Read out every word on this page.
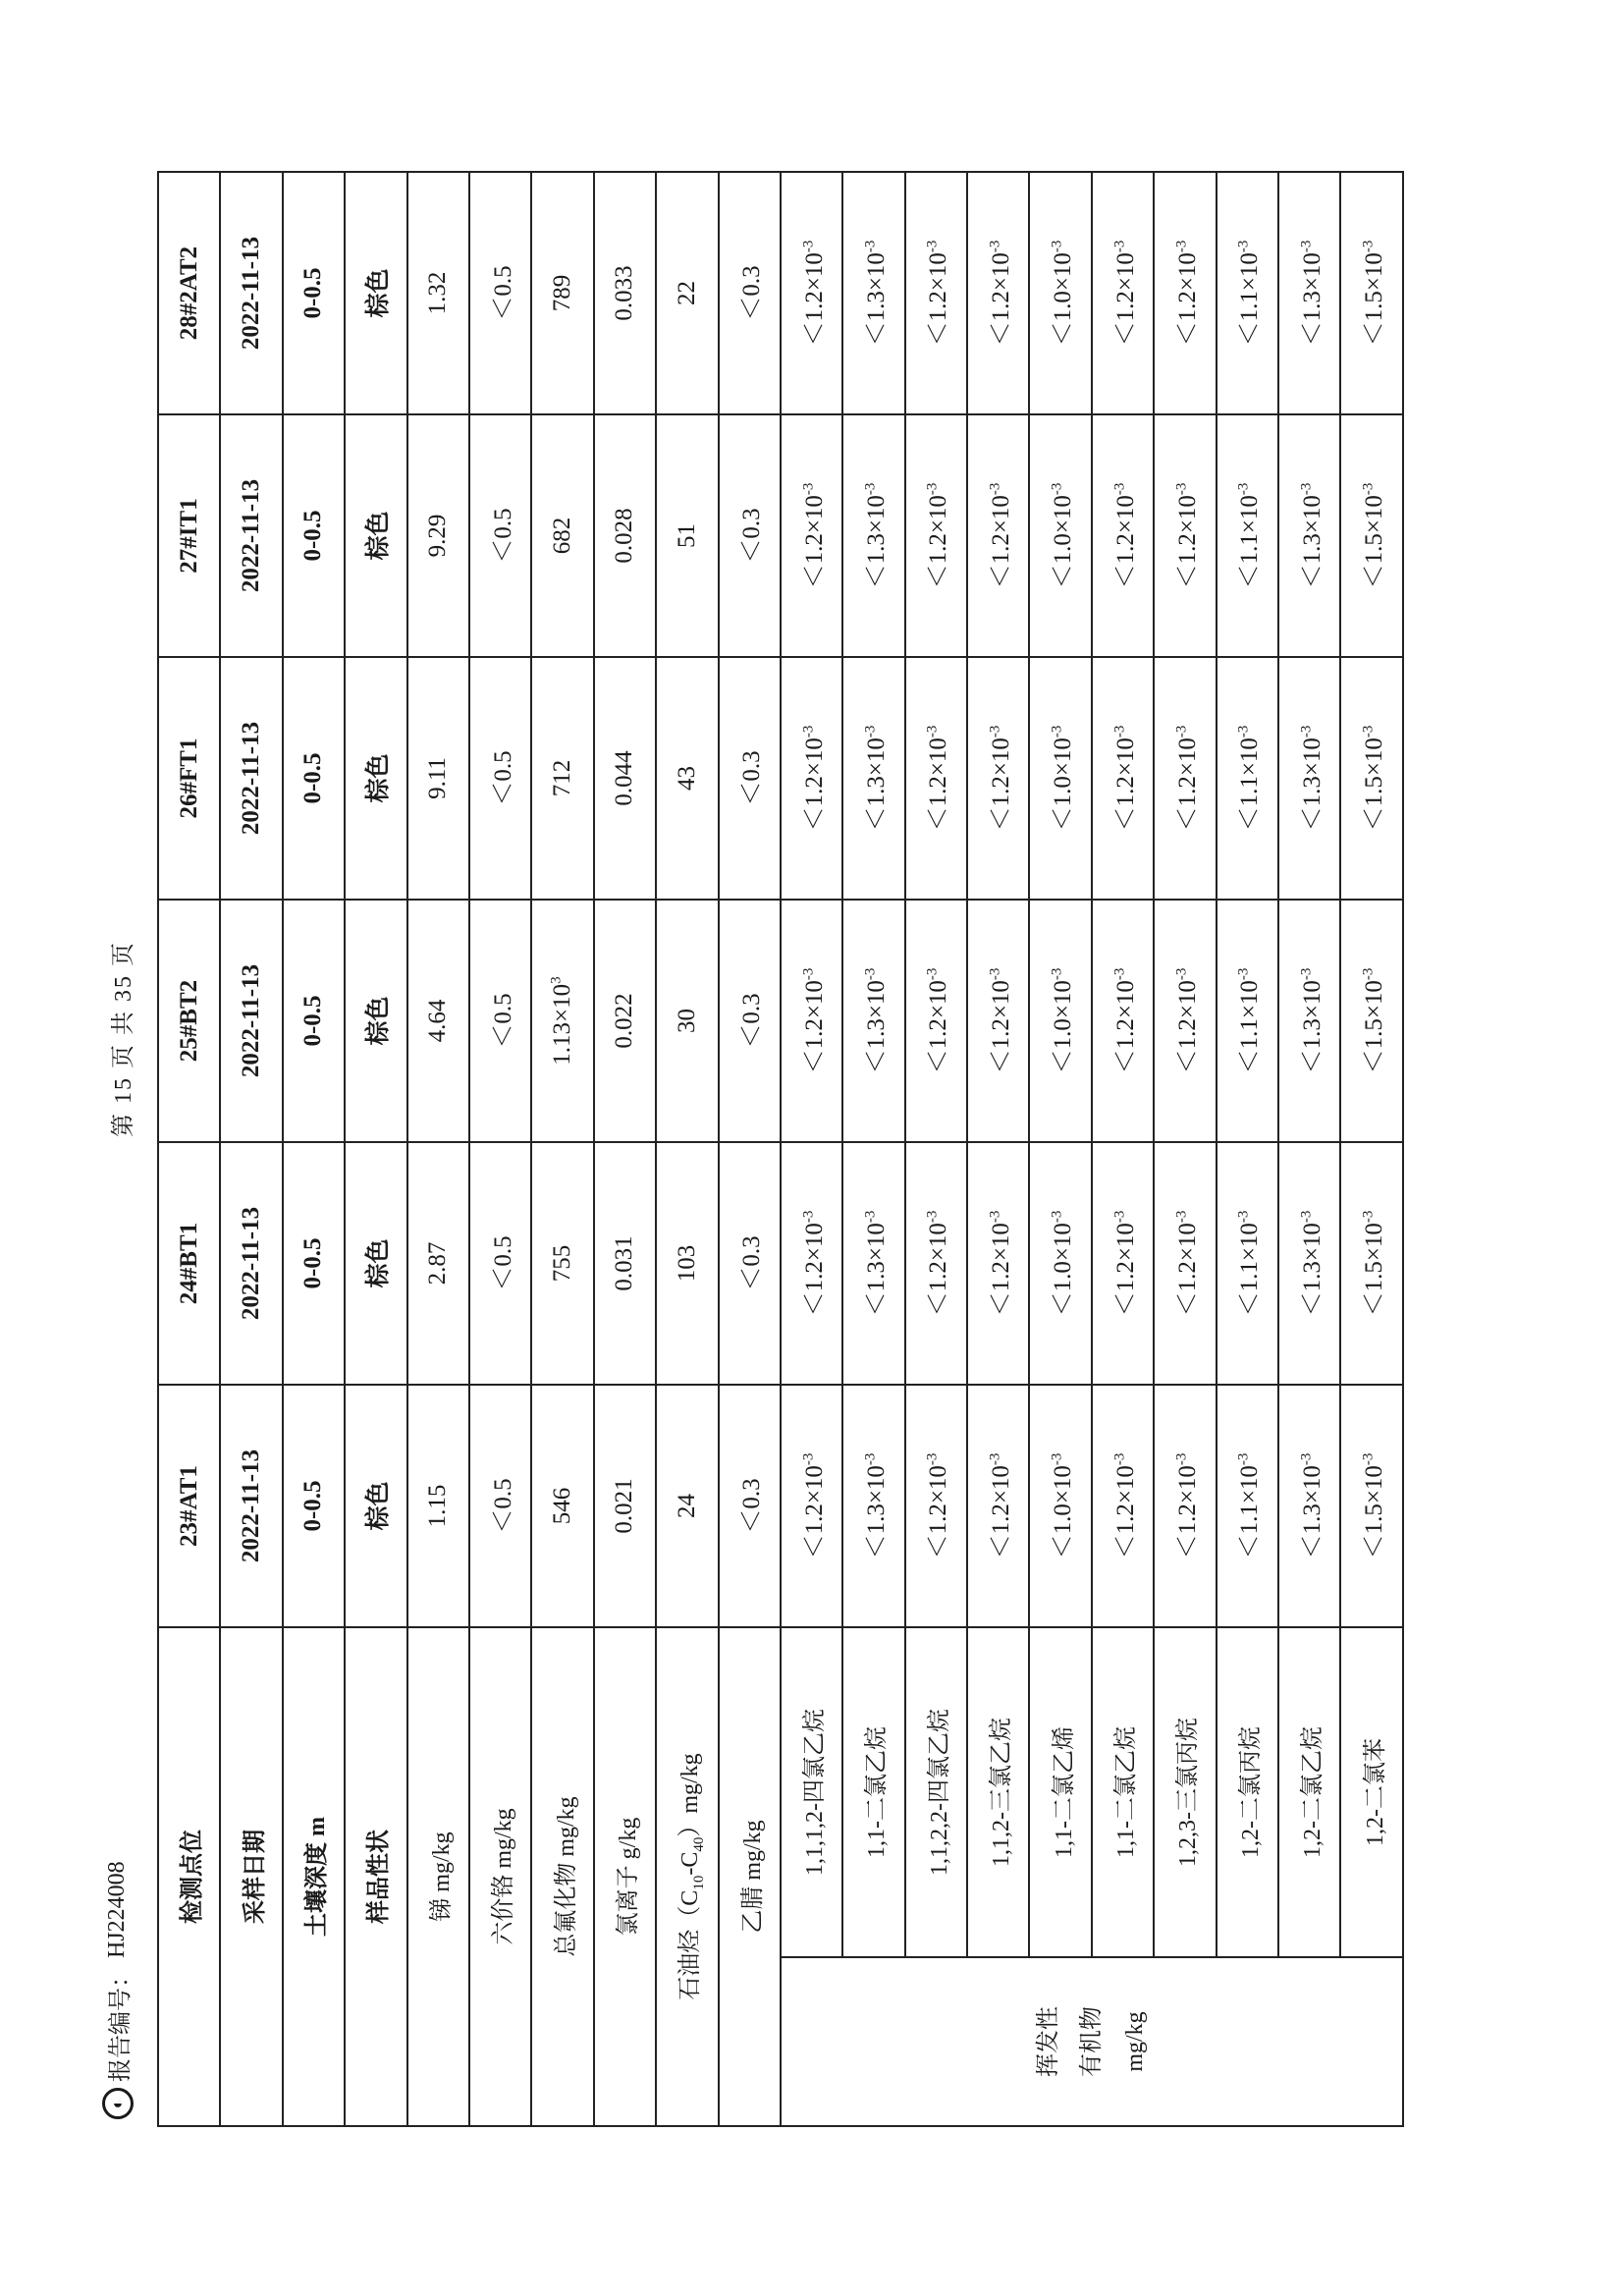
◐
报告编号：
HJ224008
第 15 页 共 35 页
检测点位		23#AT1	24#BT1	25#BT2	26#FT1	27#IT1	28#2AT2
采样日期		2022-11-13	2022-11-13	2022-11-13	2022-11-13	2022-11-13	2022-11-13
土壤深度 m		0-0.5	0-0.5	0-0.5	0-0.5	0-0.5	0-0.5
样品性状		棕色	棕色	棕色	棕色	棕色	棕色
锑 mg/kg		1.15	2.87	4.64	9.11	9.29	1.32
六价铬 mg/kg		＜0.5	＜0.5	＜0.5	＜0.5	＜0.5	＜0.5
总氟化物 mg/kg		546	755	$1.13\times 10^3$	712	682	789
氯离子 g/kg		0.021	0.031	0.022	0.044	0.028	0.033
石油烃$(C_{10}-C_{40})mg/kg$		24	103	30	43	51	22
乙腈 mg/kg		＜0.3	＜0.3	＜0.3	＜0.3	＜0.3	＜0.3
挥发性 有机物 mg/kg	1,1,1,2-四氯乙烷	$<1.2\times 10^{-3}$	$<1.2\times 10^{-3}$	$<1.2\times 10^{-3}$	$<1.2\times 10^{-3}$	$<1.2\times 10^{-3}$	$<1.2\times 10^{-3}$
	1,1-二氯乙烷	$<1.3\times 10^{-3}$	$<1.3\times 10^{-3}$	$<1.3\times 10^{-3}$	$<1.3\times 10^{-3}$	$<1.3\times 10^{-3}$	$<1.3\times 10^{-3}$
	1,1,2,2-四氯乙烷	$<1.2\times 10^{-3}$	$<1.2\times 10^{-3}$	$<1.2\times 10^{-3}$	$<1.2\times 10^{-3}$	$<1.2\times 10^{-3}$	$<1.2\times 10^{-3}$
	1,1,2-三氯乙烷	$<1.2\times 10^{-3}$	$<1.2\times 10^{-3}$	$<1.2\times 10^{-3}$	$<1.2\times 10^{-3}$	$<1.2\times 10^{-3}$	$<1.2\times 10^{-3}$
	1,1-二氯乙烯	$<1.0\times 10^{-3}$	$<1.0\times 10^{-3}$	$<1.0\times 10^{-3}$	$<1.0\times 10^{-3}$	$<1.0\times 10^{-3}$	$<1.0\times 10^{-3}$
	1,1-二氯乙烷	$<1.2\times 10^{-3}$	$<1.2\times 10^{-3}$	$<1.2\times 10^{-3}$	$<1.2\times 10^{-3}$	$<1.2\times 10^{-3}$	$<1.2\times 10^{-3}$
	1,2,3-三氯丙烷	$<1.2\times 10^{-3}$	$<1.2\times 10^{-3}$	$<1.2\times 10^{-3}$	$<1.2\times 10^{-3}$	$<1.2\times 10^{-3}$	$<1.2\times 10^{-3}$
	1,2-二氯丙烷	$<1.1\times 10^{-3}$	$<1.1\times 10^{-3}$	$<1.1\times 10^{-3}$	$<1.1\times 10^{-3}$	$<1.1\times 10^{-3}$	$<1.1\times 10^{-3}$
	1,2-二氯乙烷	$<1.3\times 10^{-3}$	$<1.3\times 10^{-3}$	$<1.3\times 10^{-3}$	$<1.3\times 10^{-3}$	$<1.3\times 10^{-3}$	$<1.3\times 10^{-3}$
	1,2-二氯苯	$<1.5\times 10^{-3}$	$<1.5\times 10^{-3}$	$<1.5\times 10^{-3}$	$<1.5\times 10^{-3}$	$<1.5\times 10^{-3}$	$<1.5\times 10^{-3}$
